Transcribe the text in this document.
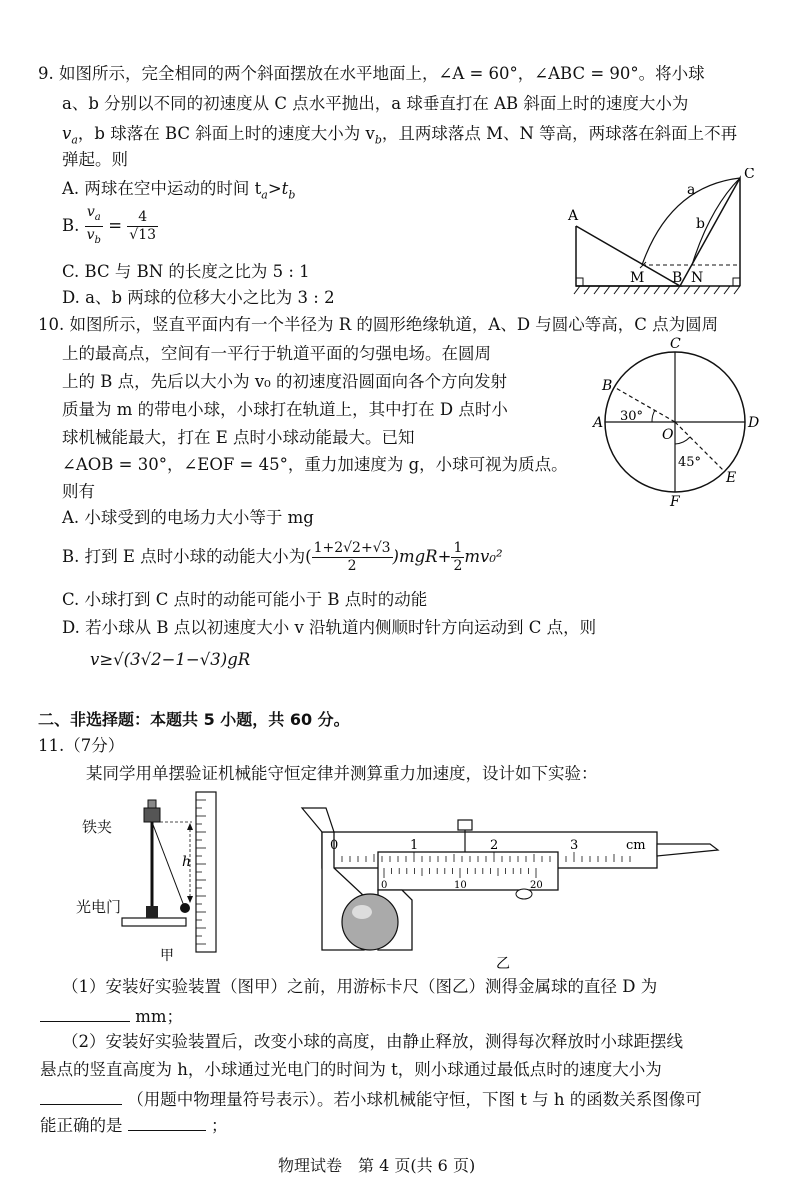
9. 如图所示，完全相同的两个斜面摆放在水平地面上，∠A = 60°，∠ABC = 90°。将小球
a、b 分别以不同的初速度从 C 点水平抛出，a 球垂直打在 AB 斜面上时的速度大小为
$v_a$，b 球落在 BC 斜面上时的速度大小为 $v_b$，且两球落点 M、N 等高，两球落在斜面上不再
弹起。则
A. 两球在空中运动的时间 $t_a>t_b$
B. $\frac{v_a}{v_b} = \frac{4}{√13}$
C. BC 与 BN 的长度之比为 5 : 1
D. a、b 两球的位移大小之比为 3 : 2
A
C
a
b
M B N
10. 如图所示，竖直平面内有一个半径为 R 的圆形绝缘轨道，A、D 与圆心等高，C 点为圆周
上的最高点，空间有一平行于轨道平面的匀强电场。在圆周
上的 B 点，先后以大小为 v₀ 的初速度沿圆面向各个方向发射
质量为 m 的带电小球，小球打在轨道上，其中打在 D 点时小
球机械能最大，打在 E 点时小球动能最大。已知
∠AOB = 30°，∠EOF = 45°，重力加速度为 g，小球可视为质点。
则有
A. 小球受到的电场力大小等于 mg
B. 打到 E 点时小球的动能大小为( $\frac{1+2√2+√3}{2} )mgR+ \frac{1}{2} mv_0^2$
C. 小球打到 C 点时的动能可能小于 B 点时的动能
D. 若小球从 B 点以初速度大小 v 沿轨道内侧顺时针方向运动到 C 点，则
v≥√(3√2−1−√3)gR
C
B
A	D
O
E
F
30°
45°
二、非选择题：本题共 5 小题，共 60 分。
11.（7分）
某同学用单摆验证机械能守恒定律并测算重力加速度，设计如下实验：
h
甲
铁夹
光电门
0	1	2	3	cm
0	10	20
乙
（1）安装好实验装置（图甲）之前，用游标卡尺（图乙）测得金属球的直径 D 为
mm；
（2）安装好实验装置后，改变小球的高度，由静止释放，测得每次释放时小球距摆线
悬点的竖直高度为 h，小球通过光电门的时间为 t，则小球通过最低点时的速度大小为
（用题中物理量符号表示）。若小球机械能守恒，下图 t 与 h 的函数关系图像可
能正确的是	；
物理试卷　第 4 页(共 6 页)
